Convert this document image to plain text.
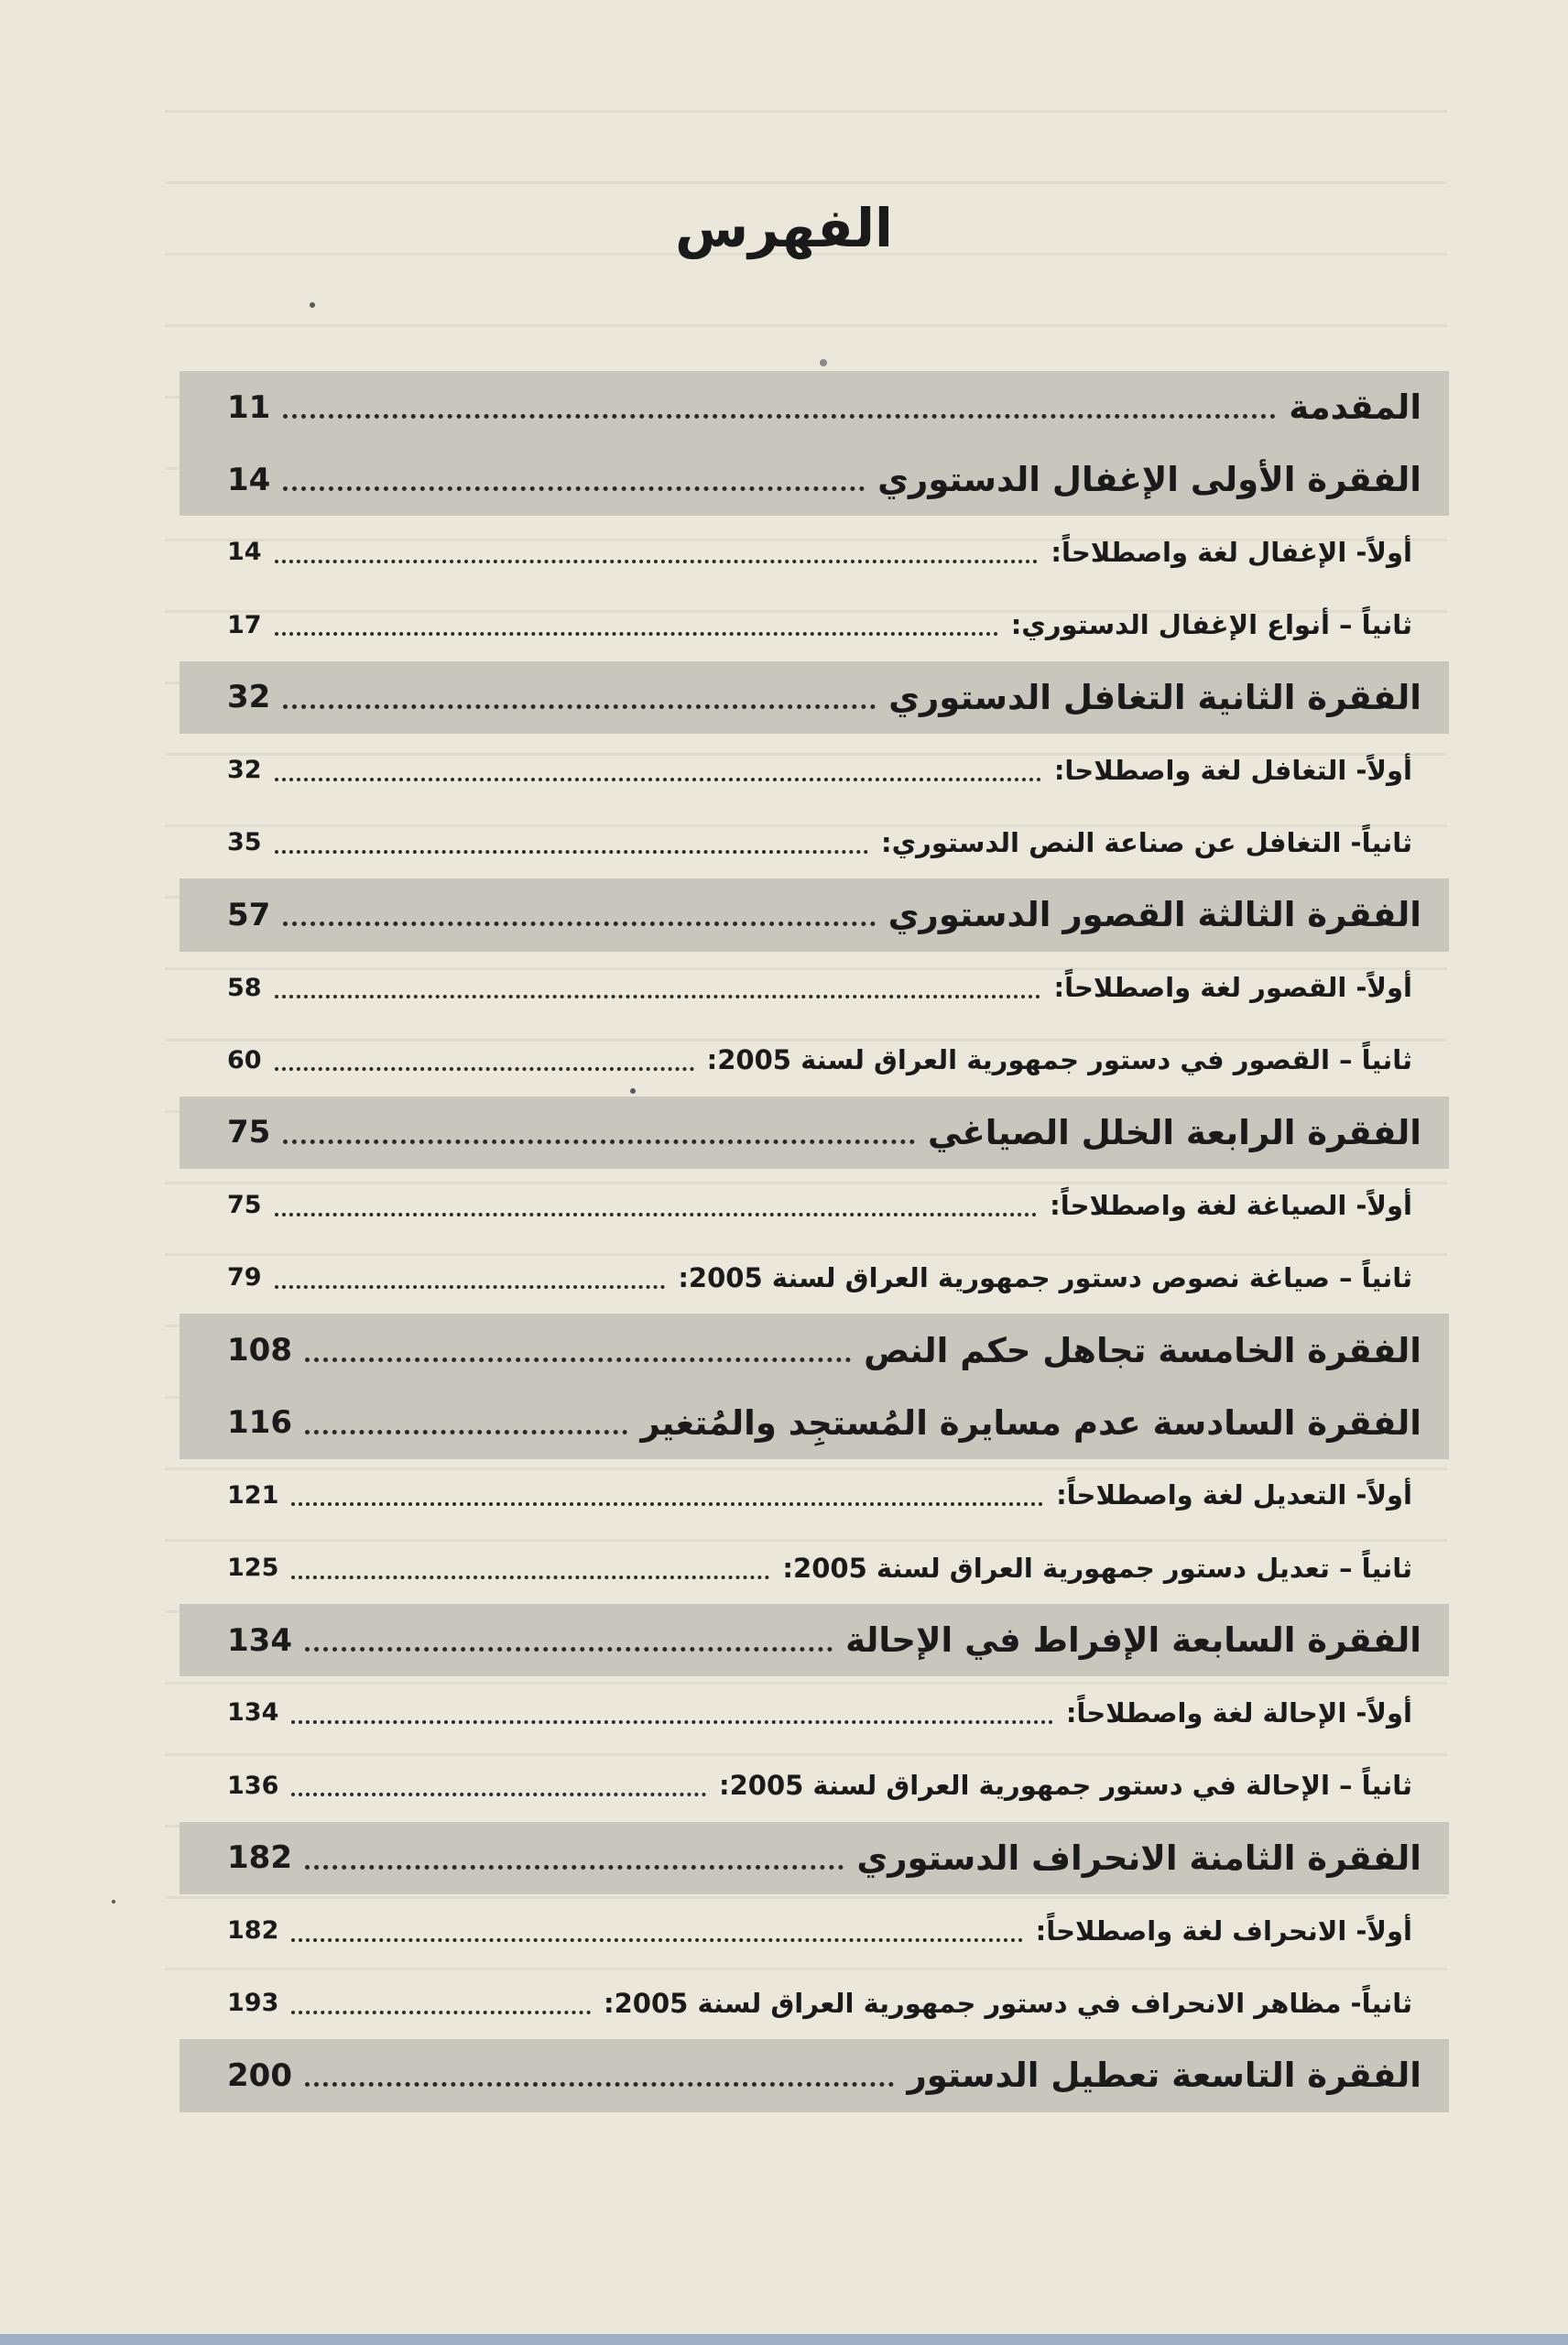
الفهرس
المقدمة
11
الفقرة الأولى الإغفال الدستوري
14
أولاً- الإغفال لغة واصطلاحاً:
14
ثانياً – أنواع الإغفال الدستوري:
17
الفقرة الثانية التغافل الدستوري
32
أولاً- التغافل لغة واصطلاحا:
32
ثانياً- التغافل عن صناعة النص الدستوري:
35
الفقرة الثالثة القصور الدستوري
57
أولاً- القصور لغة واصطلاحاً:
58
ثانياً – القصور في دستور جمهورية العراق لسنة 2005:
60
الفقرة الرابعة الخلل الصياغي
75
أولاً- الصياغة لغة واصطلاحاً:
75
ثانياً – صياغة نصوص دستور جمهورية العراق لسنة 2005:
79
الفقرة الخامسة تجاهل حكم النص
108
الفقرة السادسة عدم مسايرة المُستجِد والمُتغير
116
أولاً- التعديل لغة واصطلاحاً:
121
ثانياً – تعديل دستور جمهورية العراق لسنة 2005:
125
الفقرة السابعة الإفراط في الإحالة
134
أولاً- الإحالة لغة واصطلاحاً:
134
ثانياً – الإحالة في دستور جمهورية العراق لسنة 2005:
136
الفقرة الثامنة الانحراف الدستوري
182
أولاً- الانحراف لغة واصطلاحاً:
182
ثانياً- مظاهر الانحراف في دستور جمهورية العراق لسنة 2005:
193
الفقرة التاسعة تعطيل الدستور
200
